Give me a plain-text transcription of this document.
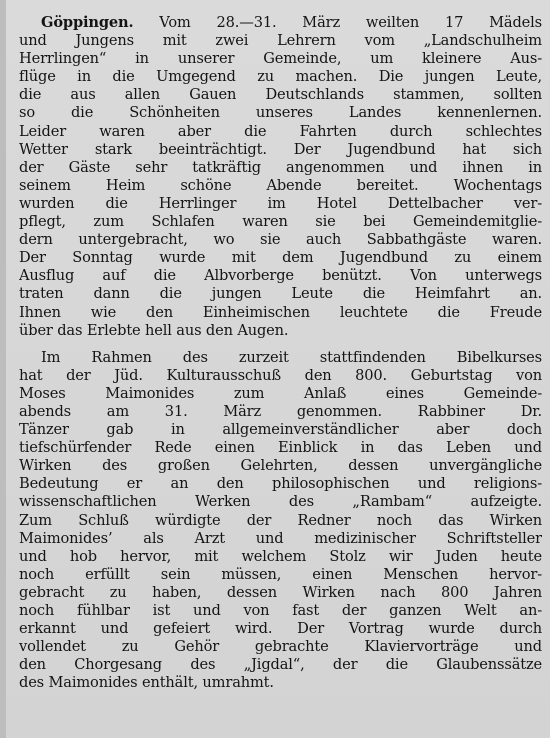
Göppingen. Vom 28.—31. März weilten 17 Mädels
und Jungens mit zwei Lehrern vom „Landschulheim
Herrlingen“ in unserer Gemeinde, um kleinere Aus-
flüge in die Umgegend zu machen. Die jungen Leute,
die aus allen Gauen Deutschlands stammen, sollten
so die Schönheiten unseres Landes kennenlernen.
Leider waren aber die Fahrten durch schlechtes
Wetter stark beeinträchtigt. Der Jugendbund hat sich
der Gäste sehr tatkräftig angenommen und ihnen in
seinem Heim schöne Abende bereitet. Wochentags
wurden die Herrlinger im Hotel Dettelbacher ver-
pflegt, zum Schlafen waren sie bei Gemeindemitglie-
dern untergebracht, wo sie auch Sabbathgäste waren.
Der Sonntag wurde mit dem Jugendbund zu einem
Ausflug auf die Albvorberge benützt. Von unterwegs
traten dann die jungen Leute die Heimfahrt an.
Ihnen wie den Einheimischen leuchtete die Freude
über das Erlebte hell aus den Augen.
Im Rahmen des zurzeit stattfindenden Bibelkurses
hat der Jüd. Kulturausschuß den 800. Geburtstag von
Moses Maimonides zum Anlaß eines Gemeinde-
abends am 31. März genommen. Rabbiner Dr.
Tänzer gab in allgemeinverständlicher aber doch
tiefschürfender Rede einen Einblick in das Leben und
Wirken des großen Gelehrten, dessen unvergängliche
Bedeutung er an den philosophischen und religions-
wissenschaftlichen Werken des „Rambam“ aufzeigte.
Zum Schluß würdigte der Redner noch das Wirken
Maimonides’ als Arzt und medizinischer Schriftsteller
und hob hervor, mit welchem Stolz wir Juden heute
noch erfüllt sein müssen, einen Menschen hervor-
gebracht zu haben, dessen Wirken nach 800 Jahren
noch fühlbar ist und von fast der ganzen Welt an-
erkannt und gefeiert wird. Der Vortrag wurde durch
vollendet zu Gehör gebrachte Klaviervorträge und
den Chorgesang des „Jigdal“, der die Glaubenssätze
des Maimonides enthält, umrahmt.
